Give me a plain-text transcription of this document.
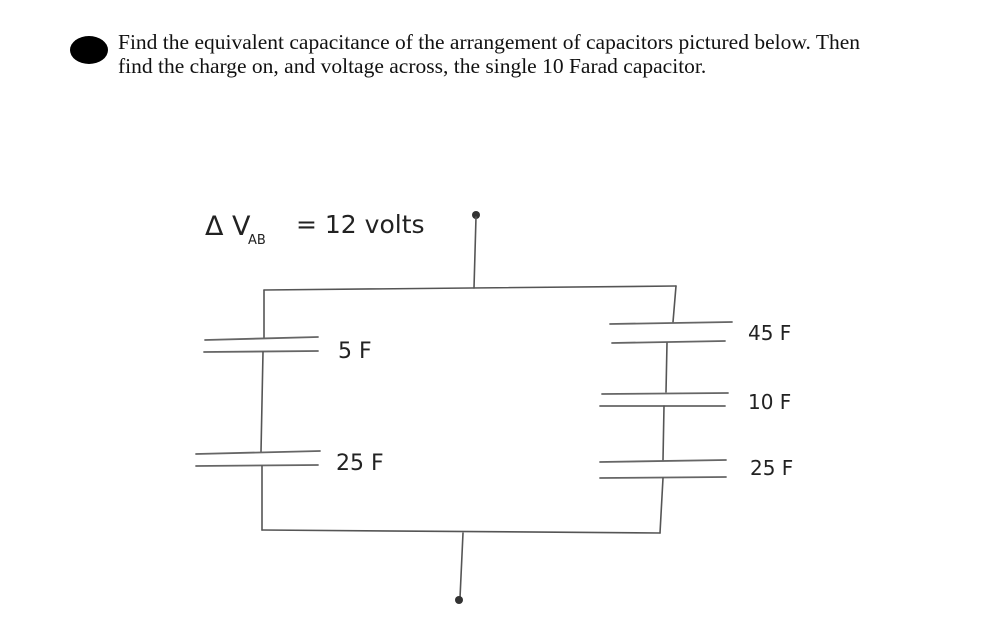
Find the equivalent capacitance of the arrangement of capacitors pictured below. Then
find the charge on, and voltage across, the single 10 Farad capacitor.
Δ V
AB
= 12 volts
5 F
25 F
45 F
10 F
25 F
